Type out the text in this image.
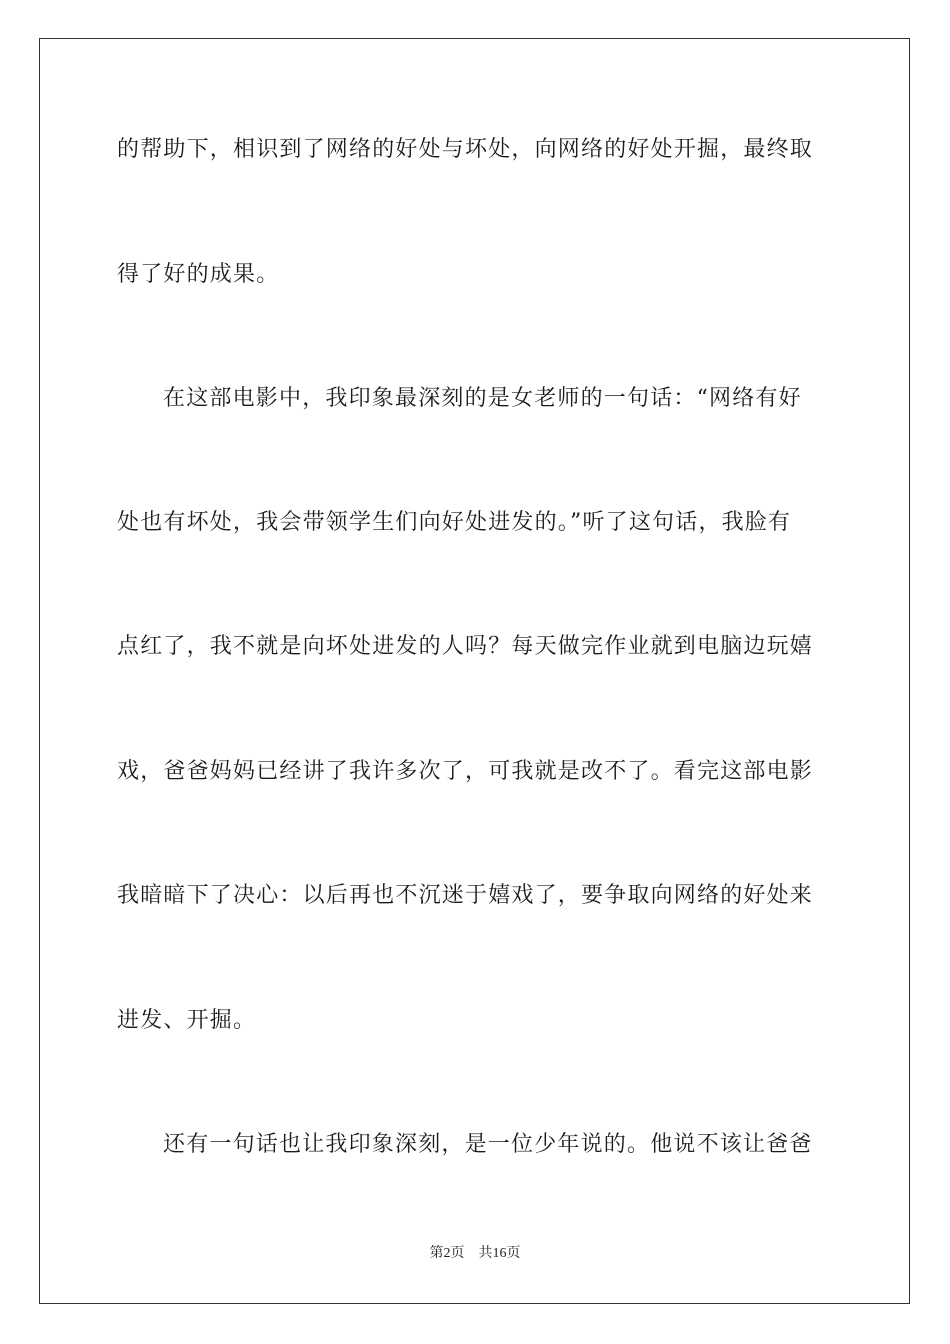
的帮助下，相识到了网络的好处与坏处，向网络的好处开掘，最终取
得了好的成果。
在这部电影中，我印象最深刻的是女老师的一句话：“网络有好
处也有坏处，我会带领学生们向好处进发的。”听了这句话，我脸有
点红了，我不就是向坏处进发的人吗？每天做完作业就到电脑边玩嬉
戏，爸爸妈妈已经讲了我许多次了，可我就是改不了。看完这部电影
我暗暗下了决心：以后再也不沉迷于嬉戏了，要争取向网络的好处来
进发、开掘。
还有一句话也让我印象深刻，是一位少年说的。他说不该让爸爸
第2页 共16页
